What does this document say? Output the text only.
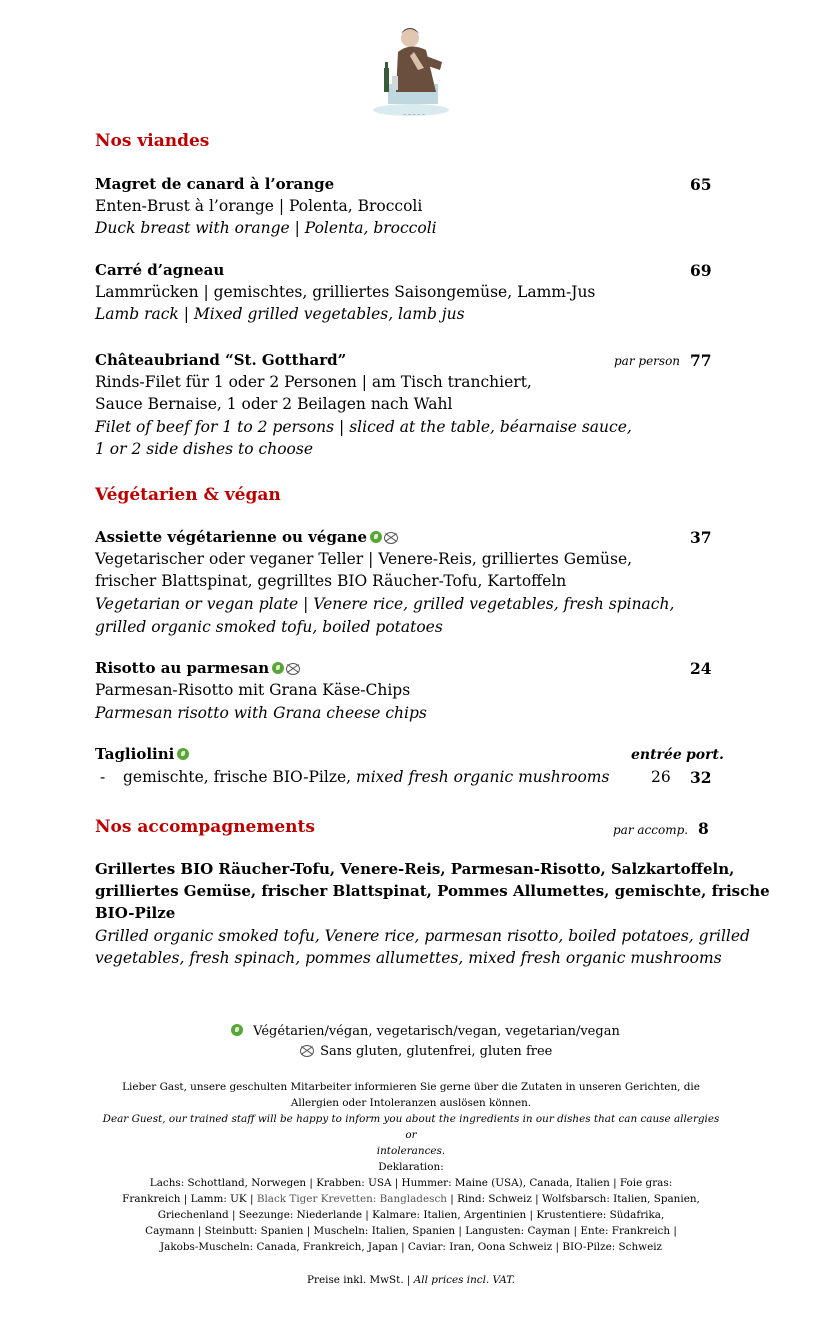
~ ~ ~ ~ ~
Nos viandes
Magret de canard à l’orange	65
Enten-Brust à l’orange | Polenta, Broccoli
Duck breast with orange | Polenta, broccoli
Carré d’agneau	69
Lammrücken | gemischtes, grilliertes Saisongemüse, Lamm-Jus
Lamb rack | Mixed grilled vegetables, lamb jus
Châteaubriand “St. Gotthard”	par person 77
Rinds-Filet für 1 oder 2 Personen | am Tisch tranchiert,
Sauce Bernaise, 1 oder 2 Beilagen nach Wahl
Filet of beef for 1 to 2 persons | sliced at the table, béarnaise sauce,
1 or 2 side dishes to choose
Végétarien & végan
Assiette végétarienne ou végane	37
Vegetarischer oder veganer Teller | Venere-Reis, grilliertes Gemüse,
frischer Blattspinat, gegrilltes BIO Räucher-Tofu, Kartoffeln
Vegetarian or vegan plate | Venere rice, grilled vegetables, fresh spinach,
grilled organic smoked tofu, boiled potatoes
Risotto au parmesan	24
Parmesan-Risotto mit Grana Käse-Chips
Parmesan risotto with Grana cheese chips
Tagliolini	entrée port.
- gemischte, frische BIO-Pilze, mixed fresh organic mushrooms	26 32
Nos accompagnements	par accomp. 8
Grillertes BIO Räucher-Tofu, Venere-Reis, Parmesan-Risotto, Salzkartoffeln,
grilliertes Gemüse, frischer Blattspinat, Pommes Allumettes, gemischte, frische
BIO-Pilze
Grilled organic smoked tofu, Venere rice, parmesan risotto, boiled potatoes, grilled
vegetables, fresh spinach, pommes allumettes, mixed fresh organic mushrooms
Végétarien/végan, vegetarisch/vegan, vegetarian/vegan
Sans gluten, glutenfrei, gluten free
Lieber Gast, unsere geschulten Mitarbeiter informieren Sie gerne über die Zutaten in unseren Gerichten, die
Allergien oder Intoleranzen auslösen können.
Dear Guest, our trained staff will be happy to inform you about the ingredients in our dishes that can cause allergies or
intolerances.
Deklaration:
Lachs: Schottland, Norwegen | Krabben: USA | Hummer: Maine (USA), Canada, Italien | Foie gras:
Frankreich | Lamm: UK | Black Tiger Krevetten: Bangladesch | Rind: Schweiz | Wolfsbarsch: Italien, Spanien,
Griechenland | Seezunge: Niederlande | Kalmare: Italien, Argentinien | Krustentiere: Südafrika,
Caymann | Steinbutt: Spanien | Muscheln: Italien, Spanien | Langusten: Cayman | Ente: Frankreich |
Jakobs-Muscheln: Canada, Frankreich, Japan | Caviar: Iran, Oona Schweiz | BIO-Pilze: Schweiz
Preise inkl. MwSt. | All prices incl. VAT.
